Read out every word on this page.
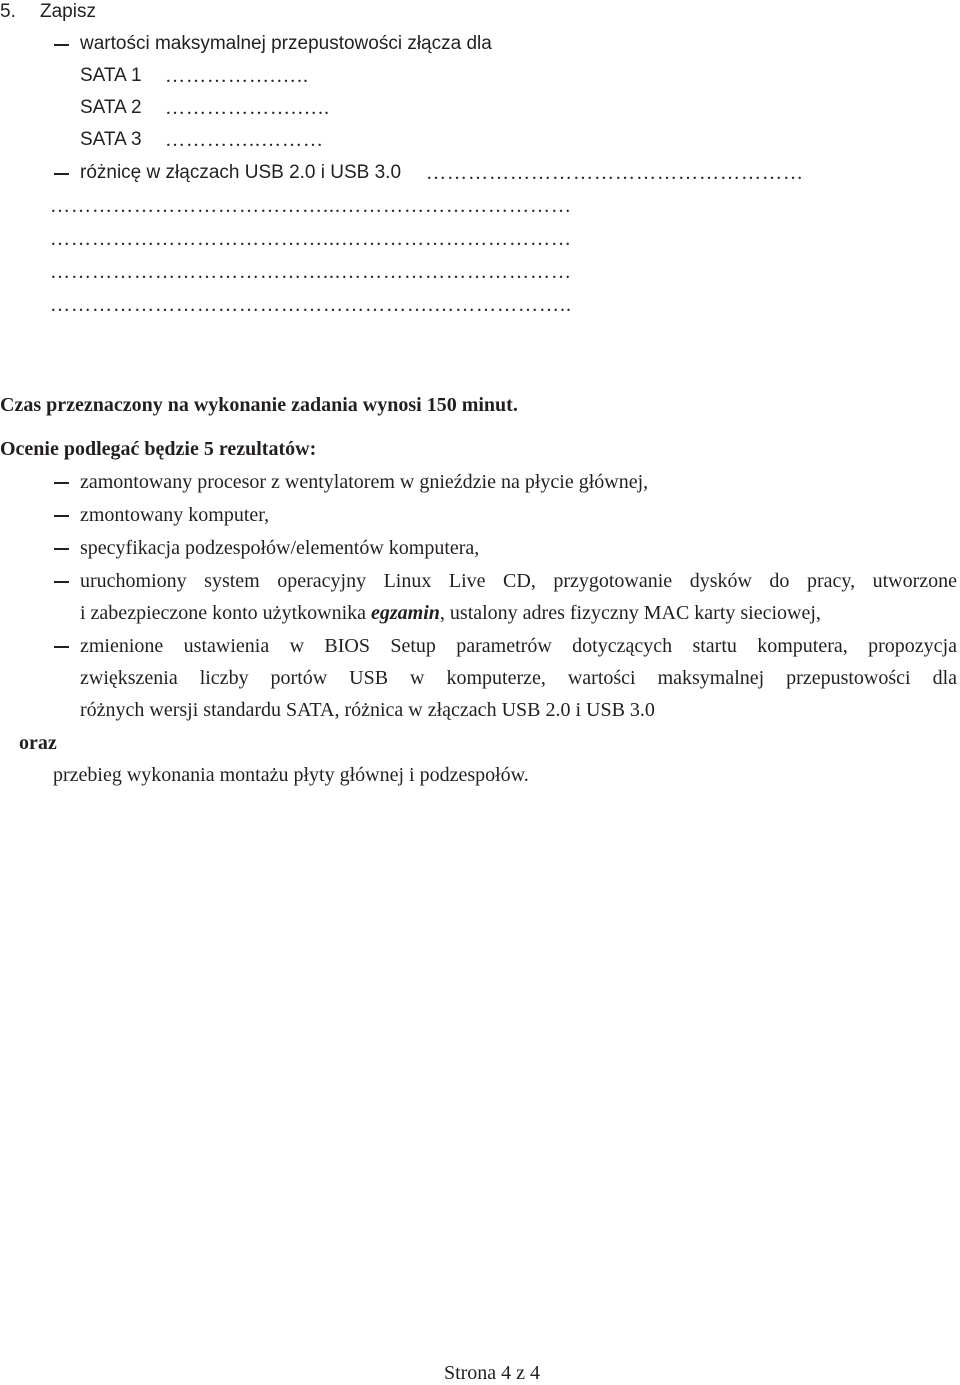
5. Zapisz
wartości maksymalnej przepustowości złącza dla
SATA 1 …………….…..
SATA 2 ……………….…..
SATA 3 …………..………
różnicę w złączach USB 2.0 i USB 3.0 ………………………………………………
…………………………………...……………………………
…………………………………...……………………………
…………………………………...……………………………
……………………………………………….………………..
Czas przeznaczony na wykonanie zadania wynosi 150 minut.
Ocenie podlegać będzie 5 rezultatów:
zamontowany procesor z wentylatorem w gnieździe na płycie głównej,
zmontowany komputer,
specyfikacja podzespołów/elementów komputera,
uruchomiony system operacyjny Linux Live CD, przygotowanie dysków do pracy, utworzone
i zabezpieczone konto użytkownika egzamin, ustalony adres fizyczny MAC karty sieciowej,
zmienione ustawienia w BIOS Setup parametrów dotyczących startu komputera, propozycja
zwiększenia liczby portów USB w komputerze, wartości maksymalnej przepustowości dla
różnych wersji standardu SATA, różnica w złączach USB 2.0 i USB 3.0
oraz
przebieg wykonania montażu płyty głównej i podzespołów.
Strona 4 z 4
